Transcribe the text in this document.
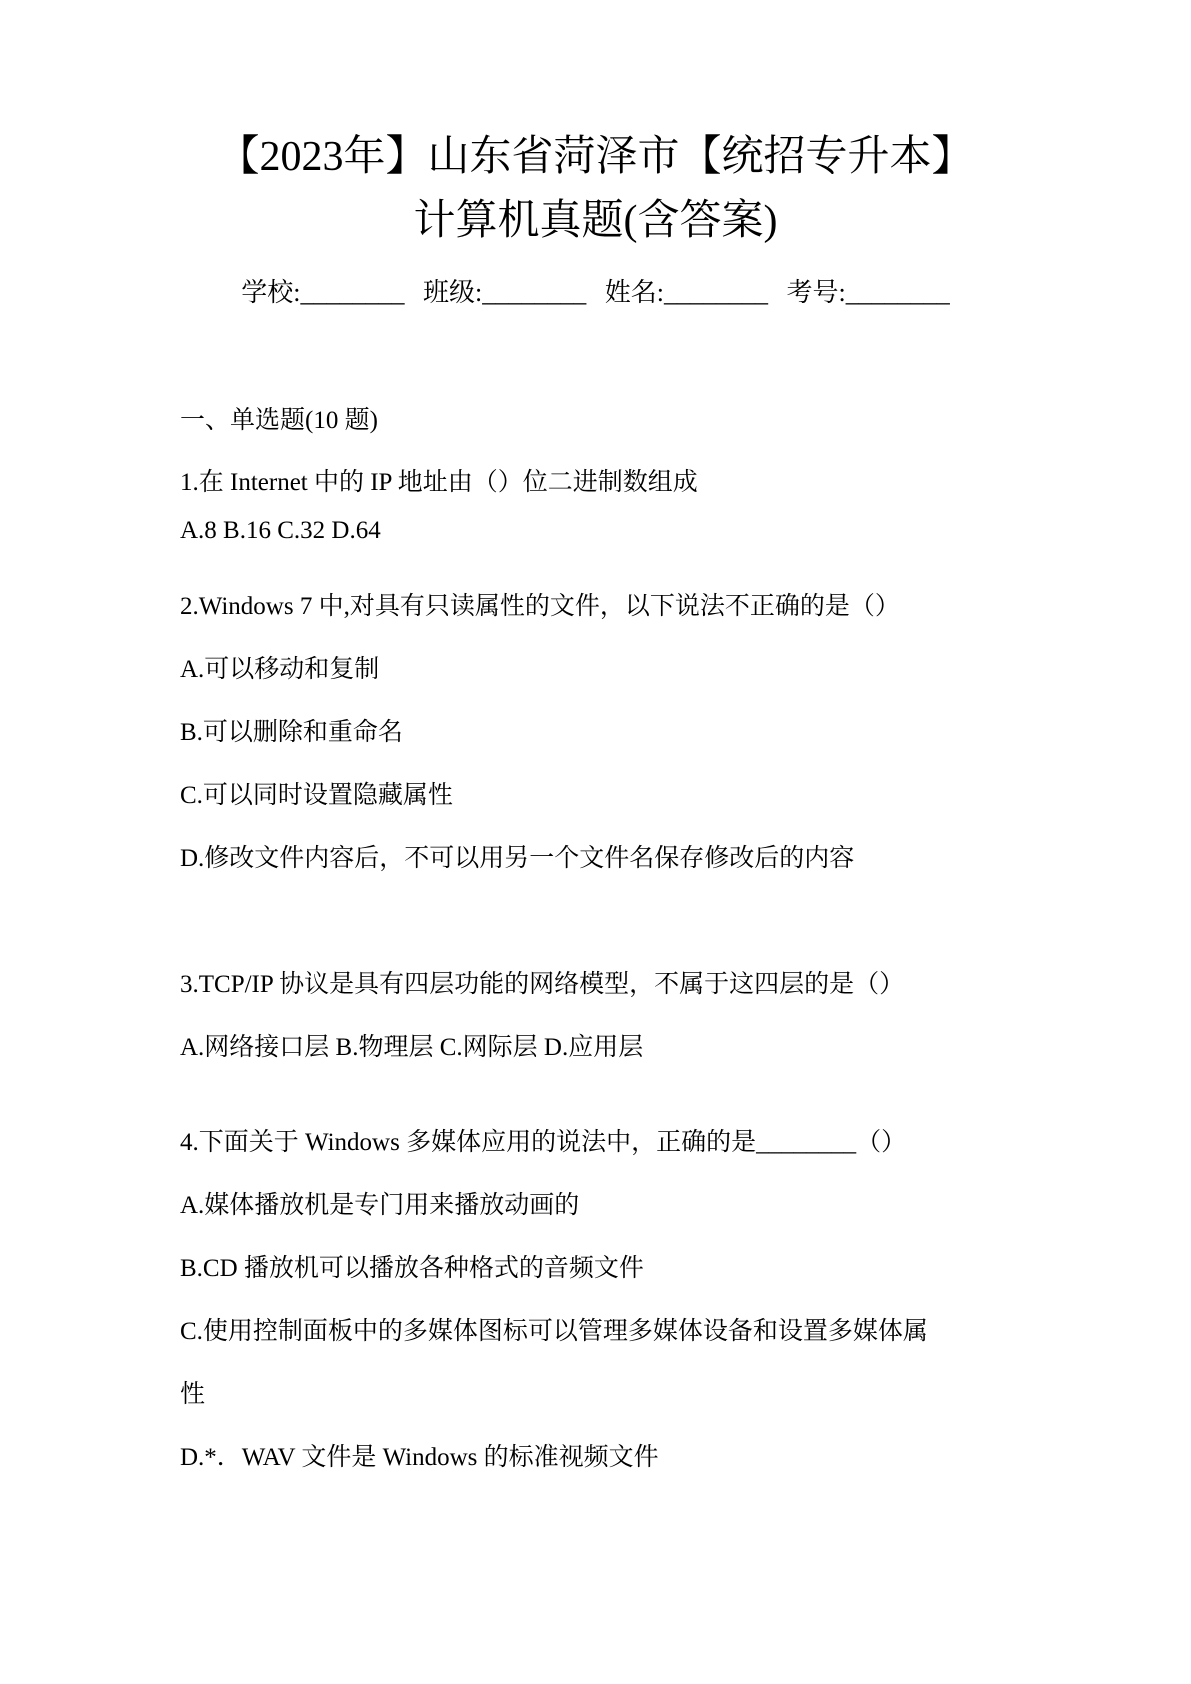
【2023年】山东省菏泽市【统招专升本】
计算机真题(含答案)
学校:________ 班级:________ 姓名:________ 考号:________
一、单选题(10 题)
1.在 Internet 中的 IP 地址由（）位二进制数组成
A.8 B.16 C.32 D.64
2.Windows 7 中,对具有只读属性的文件，以下说法不正确的是（）
A.可以移动和复制
B.可以删除和重命名
C.可以同时设置隐藏属性
D.修改文件内容后，不可以用另一个文件名保存修改后的内容
3.TCP/IP 协议是具有四层功能的网络模型，不属于这四层的是（）
A.网络接口层 B.物理层 C.网际层 D.应用层
4.下面关于 Windows 多媒体应用的说法中，正确的是________（）
A.媒体播放机是专门用来播放动画的
B.CD 播放机可以播放各种格式的音频文件
C.使用控制面板中的多媒体图标可以管理多媒体设备和设置多媒体属
性
D.*．WAV 文件是 Windows 的标准视频文件
